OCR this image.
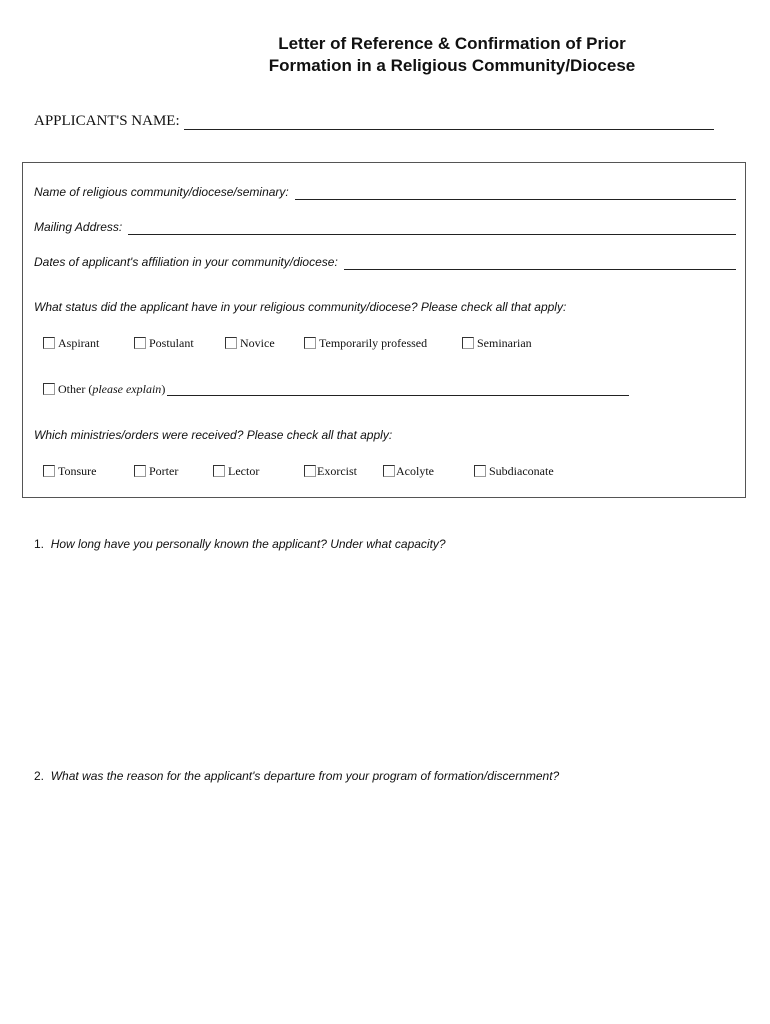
Letter of Reference & Confirmation of Prior
Formation in a Religious Community/Diocese
APPLICANT'S NAME:
Name of religious community/diocese/seminary:
Mailing Address:
Dates of applicant's affiliation in your community/diocese:
What status did the applicant have in your religious community/diocese? Please check all that apply:
Aspirant	Postulant	Novice	Temporarily professed	Seminarian
Other ( please explain )
Which ministries/orders were received? Please check all that apply:
Tonsure	Porter	Lector	Exorcist	Acolyte	Subdiaconate
1. How long have you personally known the applicant? Under what capacity?
2. What was the reason for the applicant's departure from your program of formation/discernment?
